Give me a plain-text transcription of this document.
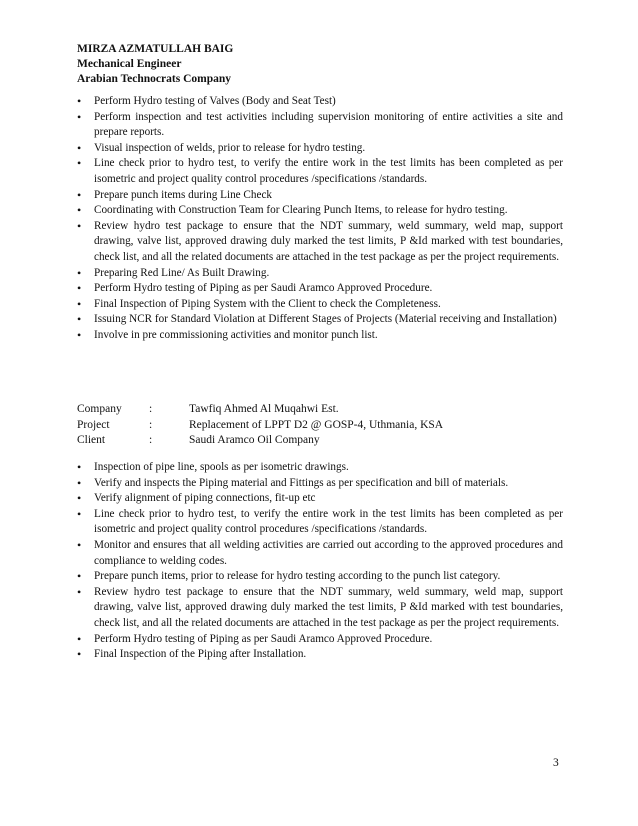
MIRZA AZMATULLAH BAIG
Mechanical Engineer
Arabian Technocrats Company
• Perform Hydro testing of Valves (Body and Seat Test)
• Perform inspection and test activities including supervision monitoring of entire activities a site and prepare reports.
• Visual inspection of welds, prior to release for hydro testing.
• Line check prior to hydro test, to verify the entire work in the test limits has been completed as per isometric and project quality control procedures /specifications /standards.
• Prepare punch items during Line Check
• Coordinating with Construction Team for Clearing Punch Items, to release for hydro testing.
• Review hydro test package to ensure that the NDT summary, weld summary, weld map, support drawing, valve list, approved drawing duly marked the test limits, P &Id marked with test boundaries, check list, and all the related documents are attached in the test package as per the project requirements.
• Preparing Red Line/ As Built Drawing.
• Perform Hydro testing of Piping as per Saudi Aramco Approved Procedure.
• Final Inspection of Piping System with the Client to check the Completeness.
• Issuing NCR for Standard Violation at Different Stages of Projects (Material receiving and Installation)
• Involve in pre commissioning activities and monitor punch list.
Company	:	Tawfiq Ahmed Al Muqahwi Est.
Project	:	Replacement of LPPT D2 @ GOSP-4, Uthmania, KSA
Client	:	Saudi Aramco Oil Company
• Inspection of pipe line, spools as per isometric drawings.
• Verify and inspects the Piping material and Fittings as per specification and bill of materials.
• Verify alignment of piping connections, fit-up etc
• Line check prior to hydro test, to verify the entire work in the test limits has been completed as per isometric and project quality control procedures /specifications /standards.
• Monitor and ensures that all welding activities are carried out according to the approved procedures and compliance to welding codes.
• Prepare punch items, prior to release for hydro testing according to the punch list category.
• Review hydro test package to ensure that the NDT summary, weld summary, weld map, support drawing, valve list, approved drawing duly marked the test limits, P &Id marked with test boundaries, check list, and all the related documents are attached in the test package as per the project requirements.
• Perform Hydro testing of Piping as per Saudi Aramco Approved Procedure.
• Final Inspection of the Piping after Installation.
3
